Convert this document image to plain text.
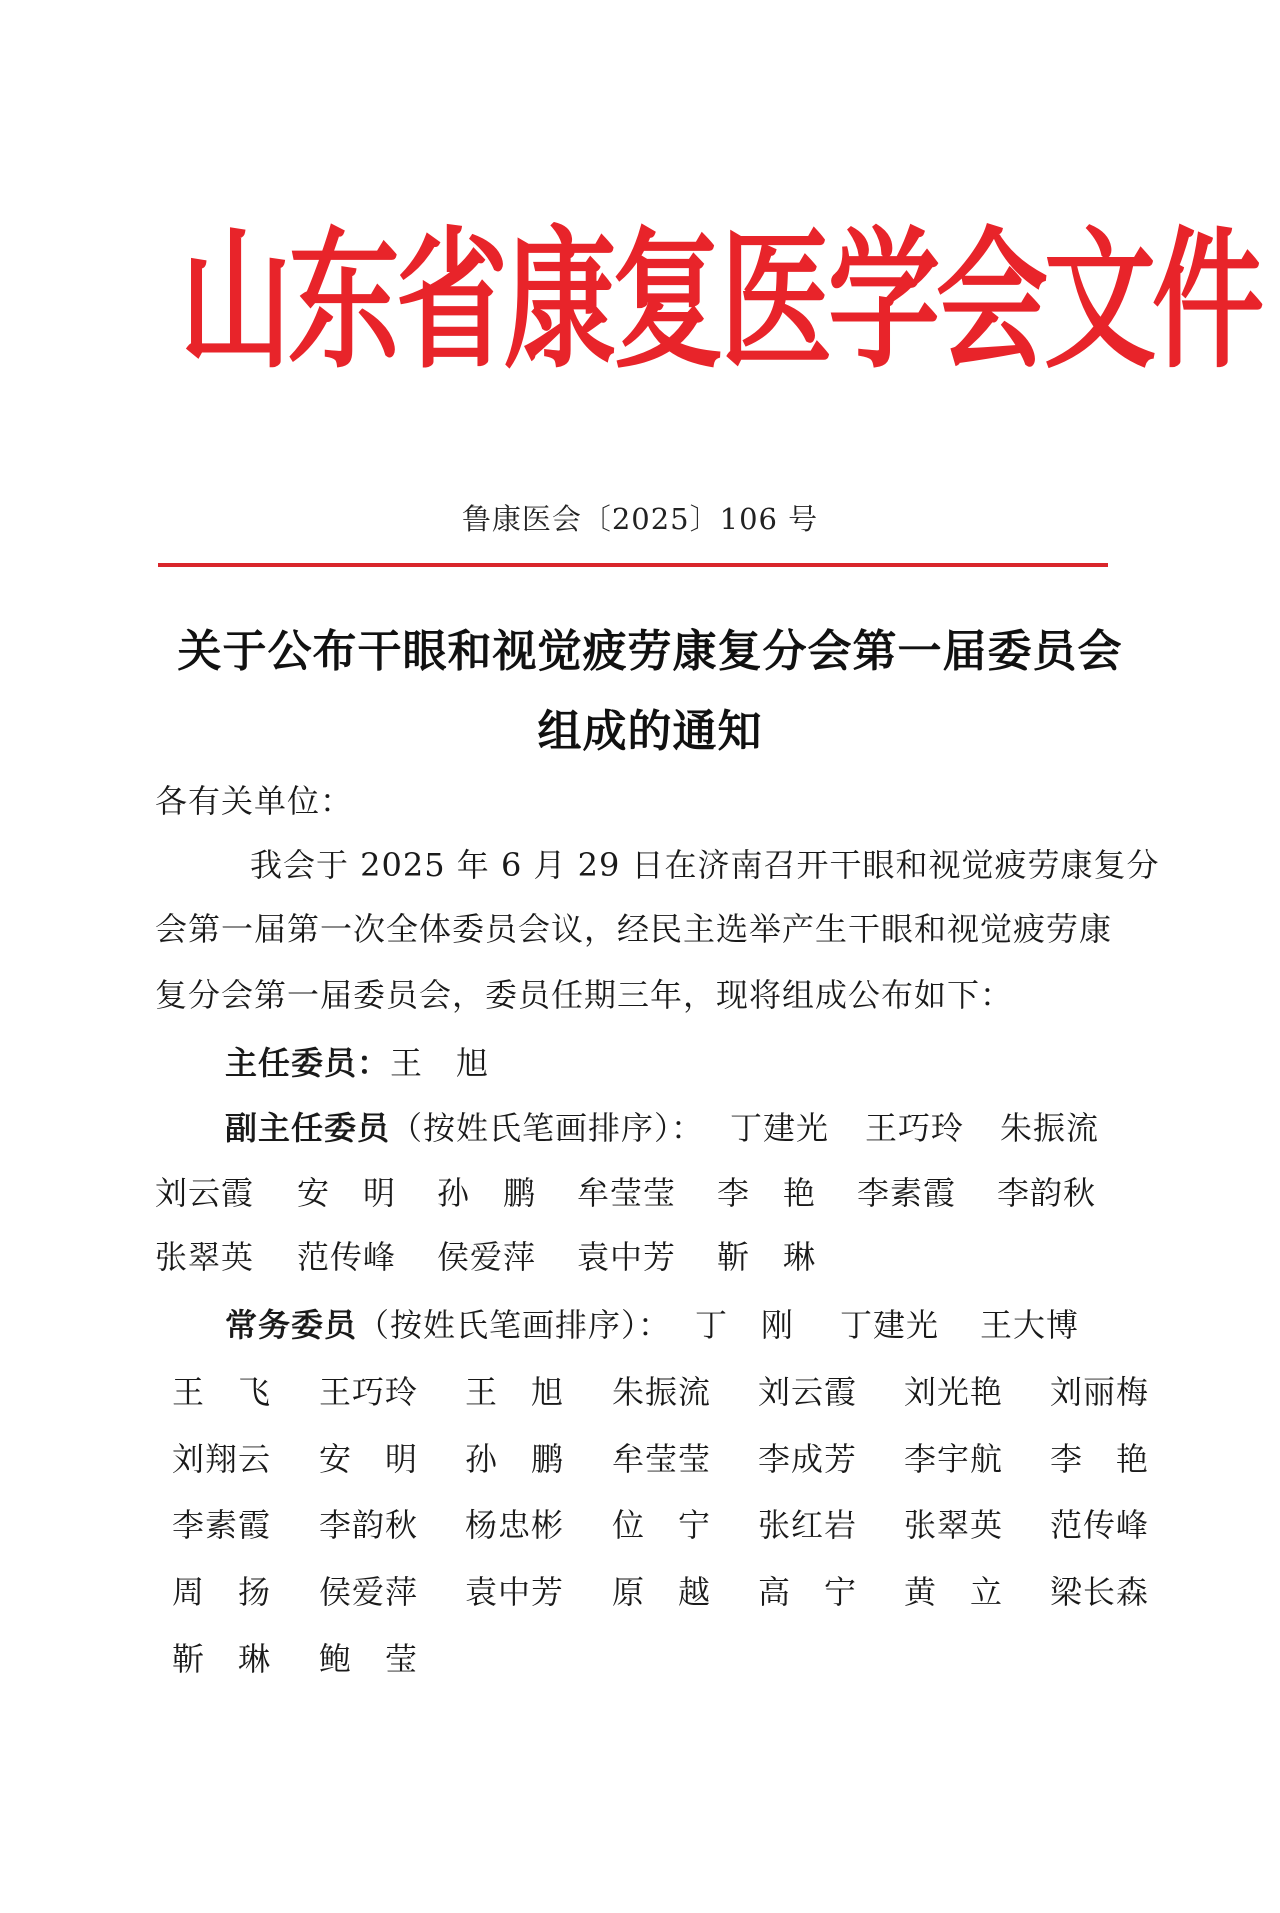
山东省康复医学会文件
鲁康医会〔2025〕106 号
关于公布干眼和视觉疲劳康复分会第一届委员会
组成的通知
各有关单位：
我会于 2025 年 6 月 29 日在济南召开干眼和视觉疲劳康复分
会第一届第一次全体委员会议，经民主选举产生干眼和视觉疲劳康
复分会第一届委员会，委员任期三年，现将组成公布如下：
主任委员：王　旭
副主任委员（按姓氏笔画排序）： 丁建光 王巧玲 朱振流
刘云霞 安　明 孙　鹏 牟莹莹 李　艳 李素霞 李韵秋
张翠英 范传峰 侯爱萍 袁中芳 靳　琳
常务委员（按姓氏笔画排序）： 丁　刚 丁建光 王大博
王　飞 王巧玲 王　旭 朱振流 刘云霞 刘光艳 刘丽梅
刘翔云 安　明 孙　鹏 牟莹莹 李成芳 李宇航 李　艳
李素霞 李韵秋 杨忠彬 位　宁 张红岩 张翠英 范传峰
周　扬 侯爱萍 袁中芳 原　越 高　宁 黄　立 梁长森
靳　琳 鲍　莹
